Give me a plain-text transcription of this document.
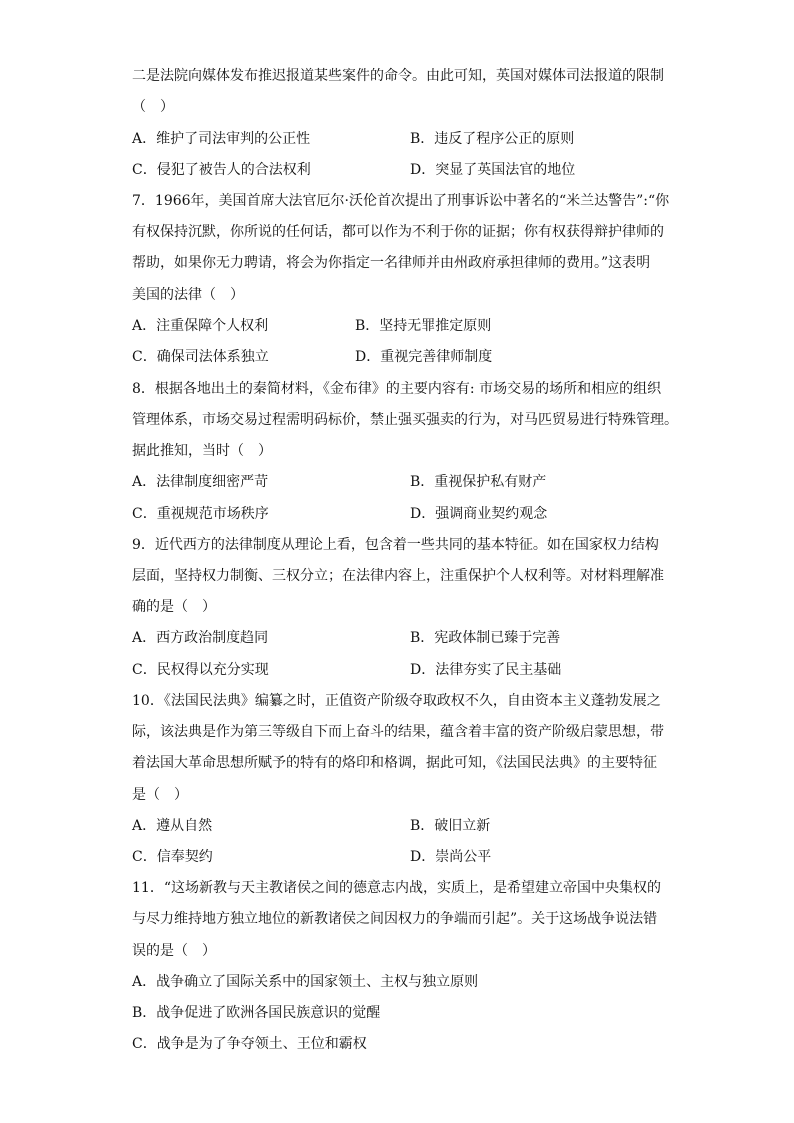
二是法院向媒体发布推迟报道某些案件的命令。由此可知，英国对媒体司法报道的限制
（　）
A．维护了司法审判的公正性	B．违反了程序公正的原则
C．侵犯了被告人的合法权利	D．突显了英国法官的地位
7．1966年，美国首席大法官厄尔·沃伦首次提出了刑事诉讼中著名的“米兰达警告”:“你
有权保持沉默，你所说的任何话，都可以作为不利于你的证据；你有权获得辩护律师的
帮助，如果你无力聘请，将会为你指定一名律师并由州政府承担律师的费用。”这表明
美国的法律（　）
A．注重保障个人权利	B．坚持无罪推定原则
C．确保司法体系独立	D．重视完善律师制度
8．根据各地出土的秦简材料，《金布律》的主要内容有: 市场交易的场所和相应的组织
管理体系，市场交易过程需明码标价，禁止强买强卖的行为，对马匹贸易进行特殊管理。
据此推知，当时（　）
A．法律制度细密严苛	B．重视保护私有财产
C．重视规范市场秩序	D．强调商业契约观念
9．近代西方的法律制度从理论上看，包含着一些共同的基本特征。如在国家权力结构
层面，坚持权力制衡、三权分立；在法律内容上，注重保护个人权利等。对材料理解准
确的是（　）
A．西方政治制度趋同	B．宪政体制已臻于完善
C．民权得以充分实现	D．法律夯实了民主基础
10．《法国民法典》编纂之时，正值资产阶级夺取政权不久，自由资本主义蓬勃发展之
际，该法典是作为第三等级自下而上奋斗的结果，蕴含着丰富的资产阶级启蒙思想，带
着法国大革命思想所赋予的特有的烙印和格调，据此可知，《法国民法典》的主要特征
是（　）
A．遵从自然	B．破旧立新
C．信奉契约	D．崇尚公平
11．“这场新教与天主教诸侯之间的德意志内战，实质上，是希望建立帝国中央集权的
与尽力维持地方独立地位的新教诸侯之间因权力的争端而引起”。关于这场战争说法错
误的是（　）
A．战争确立了国际关系中的国家领土、主权与独立原则
B．战争促进了欧洲各国民族意识的觉醒
C．战争是为了争夺领土、王位和霸权
